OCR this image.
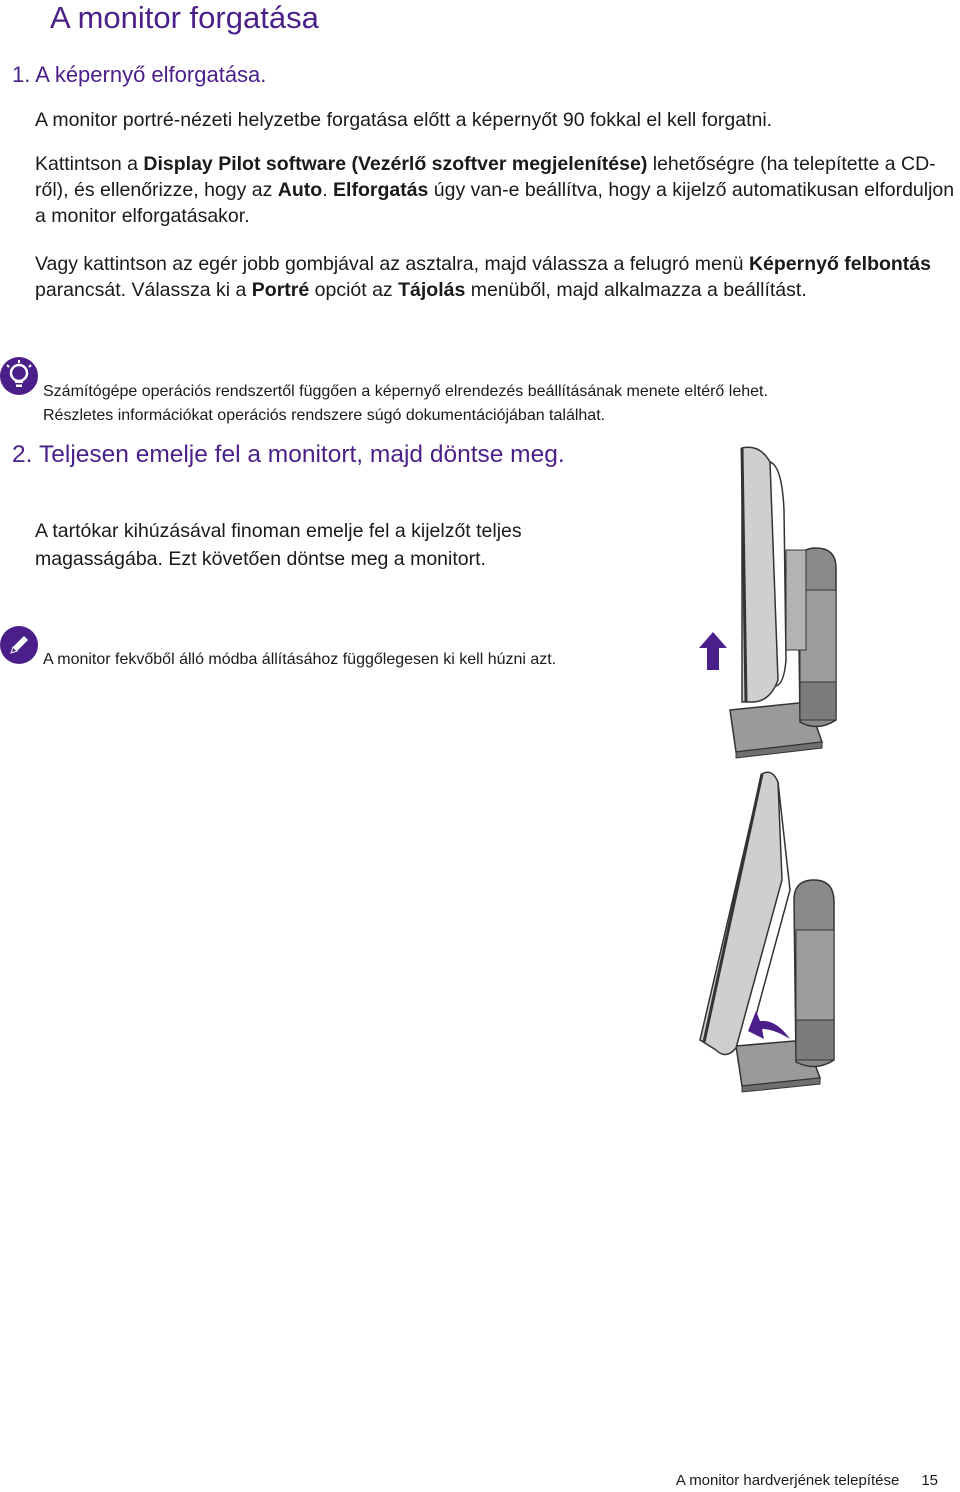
A monitor forgatása
1. A képernyő elforgatása.
A monitor portré-nézeti helyzetbe forgatása előtt a képernyőt 90 fokkal el kell forgatni.
Kattintson a Display Pilot software (Vezérlő szoftver megjelenítése) lehetőségre (ha telepítette a CD-ről), és ellenőrizze, hogy az Auto. Elforgatás úgy van-e beállítva, hogy a kijelző automatikusan elforduljon a monitor elforgatásakor.
Vagy kattintson az egér jobb gombjával az asztalra, majd válassza a felugró menü Képernyő felbontás parancsát. Válassza ki a Portré opciót az Tájolás menüből, majd alkalmazza a beállítást.
Számítógépe operációs rendszertől függően a képernyő elrendezés beállításának menete eltérő lehet.
Részletes információkat operációs rendszere súgó dokumentációjában találhat.
2. Teljesen emelje fel a monitort, majd döntse meg.
A tartókar kihúzásával finoman emelje fel a kijelzőt teljes magasságába. Ezt követően döntse meg a monitort.
A monitor fekvőből álló módba állításához függőlegesen ki kell húzni azt.
A monitor hardverjének telepítése 15
